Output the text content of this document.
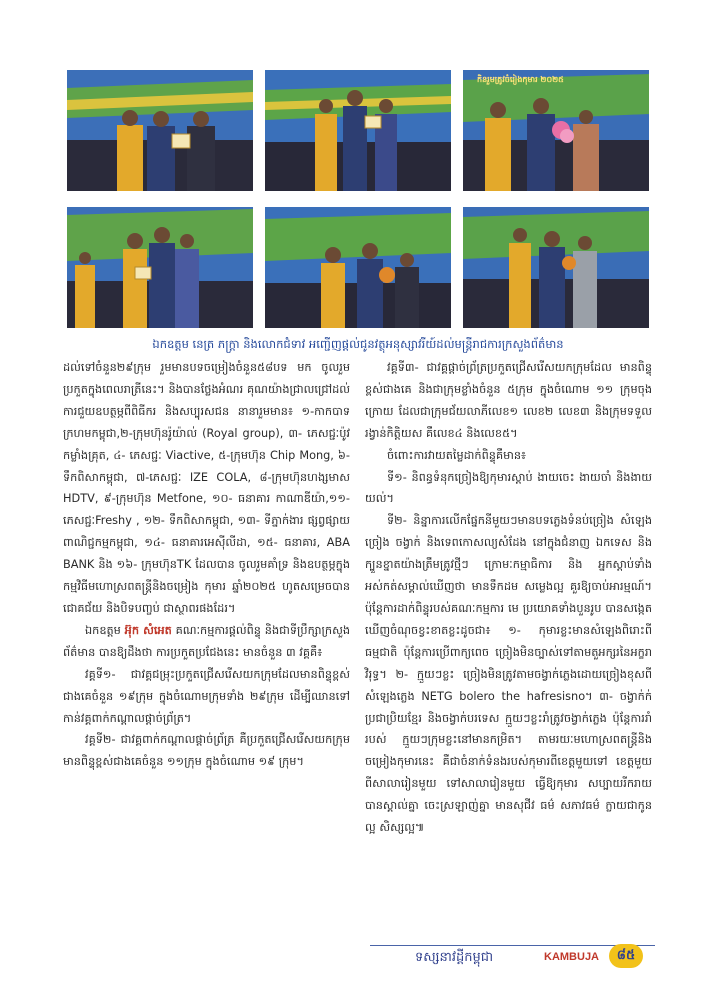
កិនរួមត្រូវចំរៀងកុមារ ២០២៥
ឯកឧត្តម នេត្រ ភក្ត្រា និងលោកជំទាវ អញ្ជើញផ្ដល់ជូនវត្ថុអនុស្សាវរីយ៍ដល់មន្ត្រីរាជការក្រសួងព័ត៌មាន

ដល់ទៅចំនួន២៩ក្រុម រួមមានបទចម្រៀងចំនួន៥៨បទ មក ចូលរួមប្រកួតក្នុងពេលរាត្រីនេះ។ និងបានថ្លែងអំណរ គុណយ៉ាងជ្រាលជ្រៅដល់ការជួយឧបត្ថម្ភពីពិធីករ និងសប្បុរសជន នានារួមមាន៖ ១-កាកបាទក្រហមកម្ពុជា,២-ក្រុមហ៊ុនរ៉ូយ៉ាល់ (Royal group), ៣- ភេសជ្ជៈប៉ូវកម្លាំងគ្រុត, ៤- ភេសជ្ជៈ Viactive, ៥-ក្រុមហ៊ុន Chip Mong, ៦-ទឹកពិសាកម្ពុជា, ៧-ភេសជ្ជៈ IZE COLA, ៨-ក្រុមហ៊ុនហង្សមាស HDTV, ៩-ក្រុមហ៊ុន Metfone, ១០- ធនាគារ កាណាឌីយ៉ា,១១- ភេសជ្ជៈFreshy , ១២- ទឹកពិសាកម្ពុជា, ១៣- ទីភ្នាក់ងារ ផ្សព្វផ្សាយពាណិជ្ជកម្មកម្ពុជា, ១៤- ធនាគារអេស៊ីលីដា, ១៥- ធនាគារ, ABA BANK និង ១៦- ក្រុមហ៊ុនTK ដែលបាន ចូលរួមគាំទ្រ និងឧបត្ថម្ភក្នុងកម្មវិធីមហោស្រពតន្ត្រីនិងចម្រៀង កុមារ ឆ្នាំ២០២៥ ហូតសម្រេចបានជោគជ័យ និងបិទបញ្ចប់ ជាស្ថាពរផងដែរ។

ឯកឧត្តម អ៊ុក សំអេត គណៈកម្មការផ្ដល់ពិន្ទុ និងជាទីប្រឹក្សាក្រសួងព័ត៌មាន បានឱ្យដឹងថា ការប្រកួតប្រជែងនេះ មានចំនួន ៣ វគ្គគឺ៖

វគ្គទី១- ជាវគ្គជម្រុះប្រកួតជ្រើសរើសយកក្រុមដែលមានពិន្ទុខ្ពស់ជាងគេចំនួន ១៩ក្រុម ក្នុងចំណោមក្រុមទាំង ២៩ក្រុម ដើម្បីឈានទៅកាន់វគ្គពាក់កណ្ដាលផ្ដាច់ព្រ័ត្រ។

វគ្គទី២- ជាវគ្គពាក់កណ្ដាលផ្ដាច់ព្រ័ត្រ គឺប្រកួតជ្រើសរើសយកក្រុមមានពិន្ទុខ្ពស់ជាងគេចំនួន ១១ក្រុម ក្នុងចំណោម ១៩ ក្រុម។

វគ្គទី៣- ជាវគ្គផ្ដាច់ព្រ័ត្រប្រកួតជ្រើសរើសយកក្រុមដែល មានពិន្ទុខ្ពស់ជាងគេ និងជាក្រុមខ្លាំងចំនួន ៥ក្រុម ក្នុងចំណោម ១១ ក្រុមចុងក្រោយ ដែលជាក្រុមជ័យលាភីលេខ១ លេខ២ លេខ៣ និងក្រុមទទួលរង្វាន់កិត្តិយស គឺលេខ៤ និងលេខ៥។

ចំពោះការវាយតម្លៃដាក់ពិន្ទុគឺមាន៖

ទី១- និពន្ធទំនុកច្រៀងឱ្យកុមារស្ដាប់ ងាយចេះ ងាយចាំ និងងាយយល់។

ទី២- និន្នាការលើកផ្នែកនីមួយៗមានបទភ្លេងទំនប់ច្រៀង សំឡេងច្រៀង ចង្វាក់ និងទេពកោសល្យសំដែង នៅក្នុងជំនាញ ឯកទេស និងក្បួនខ្នាតយ៉ាងត្រឹមត្រូវថ្មីៗ ក្រោមៈកម្មាធិការ និង អ្នកស្ដាប់ទាំងអស់កត់សម្គាល់ឃើញថា មានទឹកដម សម្លេងល្អ គួរឱ្យចាប់អារម្មណ៍។ ប៉ុន្តែការដាក់ពិន្ទុរបស់គណៈកម្មការ មេ ប្រយោគទាំងបួនរូប បានសង្កេតឃើញចំណុចខ្វះខាតខ្លះដូចជា៖ ១- កុមារខ្លះមានសំឡេងពិរោះពីធម្មជាតិ ប៉ុន្តែការប្រើពាក្យពេច ច្រៀងមិនច្បាស់ទៅតាមតួអក្សរនៃអក្ខរាវិរុទ្ធ។ ២- ក្មួយៗខ្លះ ច្រៀងមិនត្រូវតាមចង្វាក់ភ្លេងដោយច្រៀងខុសពីសំឡេងភ្លេង NETG bolero the hafresisno។ ៣- ចង្វាក់ក់ប្រជាប្រិយខ្មែរ និងចង្វាក់បរទេស ក្មួយៗខ្លះរាំត្រូវចង្វាក់ភ្លេង ប៉ុន្តែការរាំរបស់ ក្មួយៗក្រុមខ្លះនៅមានកម្រិត។ តាមរយៈមហោស្រពតន្ត្រីនិង ចម្រៀងកុមារនេះ គឺជាចំនាក់ទំនងរបស់កុមារពីខេត្តមួយទៅ ខេត្តមួយ ពីសាលារៀនមួយ ទៅសាលារៀនមួយ ធ្វើឱ្យកុមារ សប្បាយរីករាយ បានស្គាល់គ្នា ចេះស្រឡាញ់គ្នា មានសុជីវ ធម៌ សភាវធម៌ ក្លាយជាកូនល្អ សិស្សល្អ៕

ទស្សនាវដ្ដីកម្ពុជា	KAMBUJA	៨៥
